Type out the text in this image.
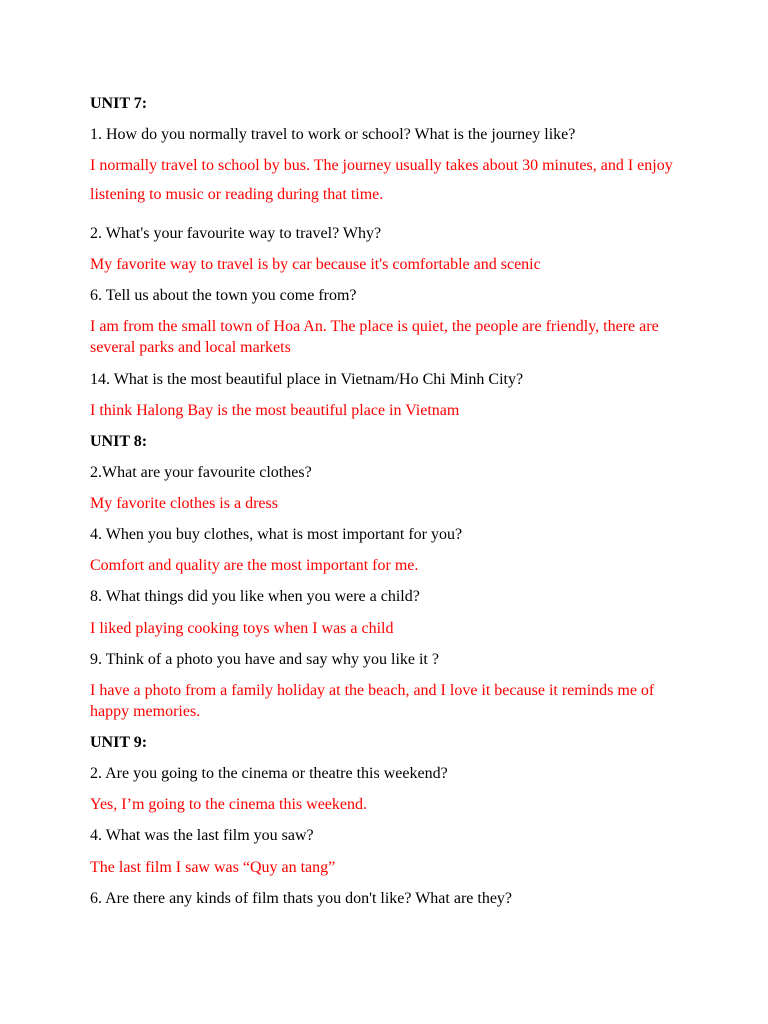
UNIT 7:

1. How do you normally travel to work or school? What is the journey like?

I normally travel to school by bus. The journey usually takes about 30 minutes, and I enjoy listening to music or reading during that time.

2. What's your favourite way to travel? Why?

My favorite way to travel is by car because it's comfortable and scenic

6. Tell us about the town you come from?

I am from the small town of Hoa An. The place is quiet, the people are friendly, there are several parks and local markets

14. What is the most beautiful place in Vietnam/Ho Chi Minh City?

I think Halong Bay is the most beautiful place in Vietnam

UNIT 8:

2.What are your favourite clothes?

My favorite clothes is a dress

4. When you buy clothes, what is most important for you?

Comfort and quality are the most important for me.

8. What things did you like when you were a child?

I liked playing cooking toys when I was a child

9. Think of a photo you have and say why you like it ?

I have a photo from a family holiday at the beach, and I love it because it reminds me of happy memories.

UNIT 9:

2. Are you going to the cinema or theatre this weekend?

Yes, I’m going to the cinema this weekend.

4. What was the last film you saw?

The last film I saw was “Quy an tang”

6. Are there any kinds of film thats you don't like? What are they?
